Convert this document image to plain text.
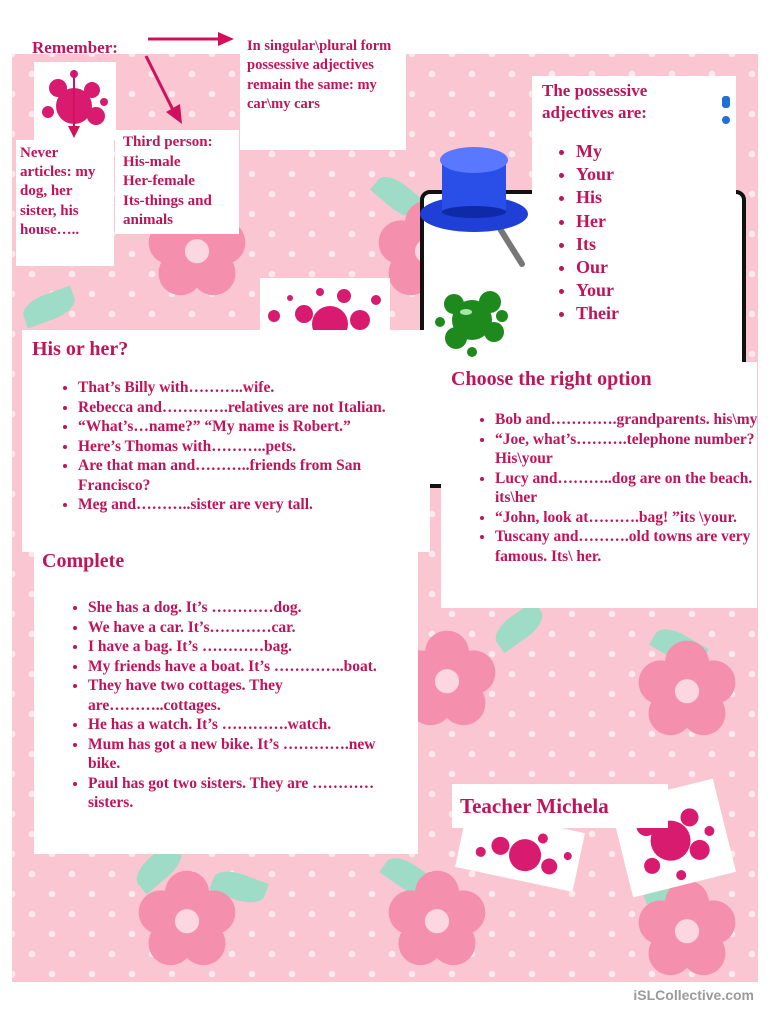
Remember:	In singular\plural form possessive adjectives remain the same: my car\my cars
Third person:
His-male
Her-female
Its-things and animals
Never articles: my dog, her sister, his house…..
The possessive adjectives are:
• My
• Your
• His
• Her
• Its
• Our
• Your
• Their
His or her?
• That’s Billy with………..wife.
• Rebecca and………….relatives are not Italian.
• “What’s…name?” “My name is Robert.”
• Here’s Thomas with………..pets.
• Are that man and………..friends from San Francisco?
• Meg and………..sister are very tall.
Choose the right option
• Bob and………….grandparents. his\my
• “Joe, what’s……….telephone number? His\your
• Lucy and………..dog are on the beach. its\her
• “John, look at……….bag! ”its \your.
• Tuscany and……….old towns are very famous. Its\ her.
Complete
• She has a dog. It’s …………dog.
• We have a car. It’s…………car.
• I have a bag. It’s …………bag.
• My friends have a boat. It’s …………..boat.
• They have two cottages. They are………..cottages.
• He has a watch. It’s ………….watch.
• Mum has got a new bike. It’s ………….new bike.
• Paul has got two sisters. They are …………sisters.	Teacher Michela
iSLCollective.com
